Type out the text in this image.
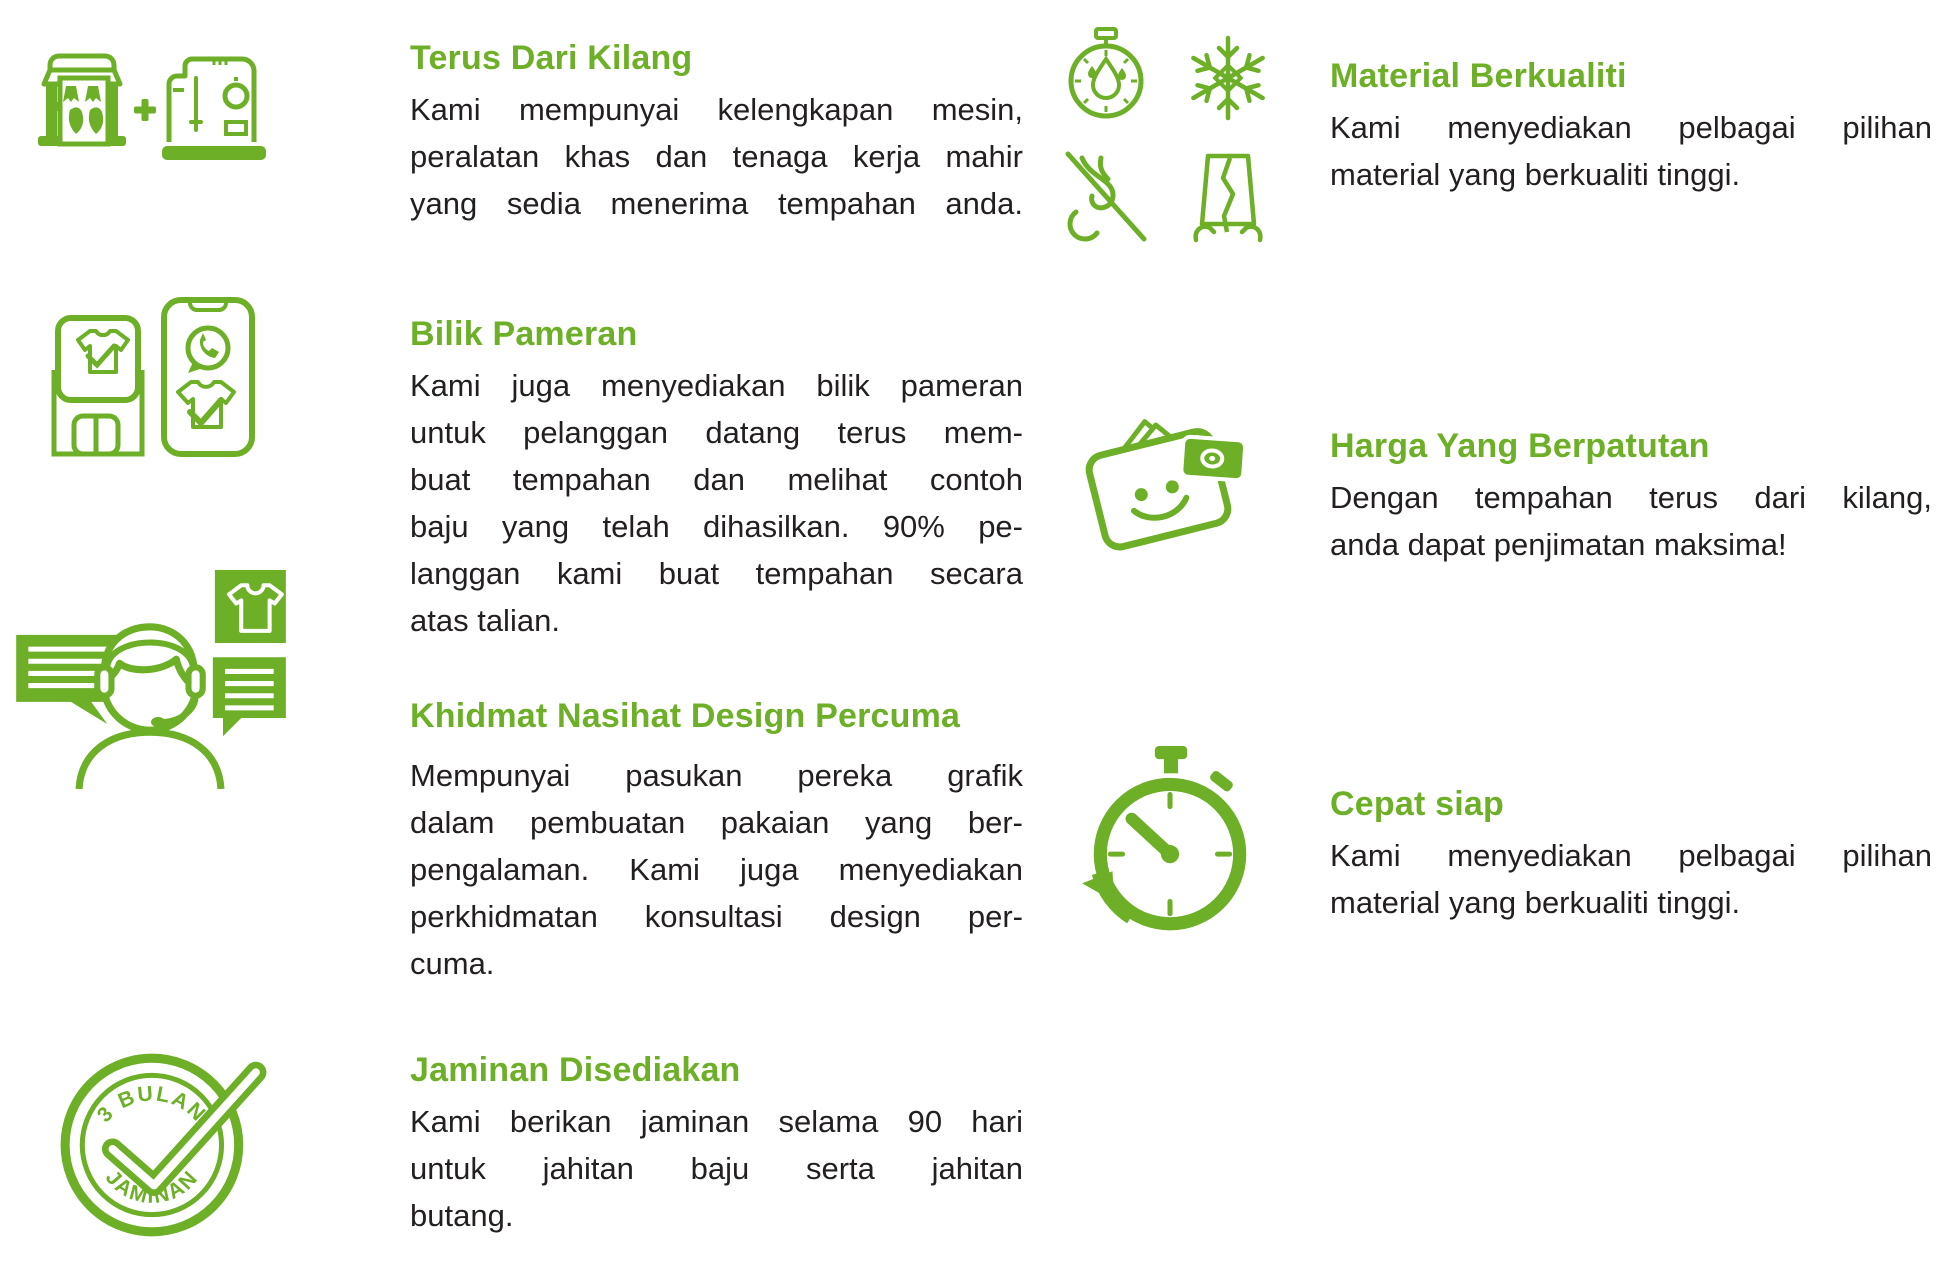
3 BULAN
JAMINAN
Terus Dari Kilang
Kami mempunyai kelengkapan mesin,
peralatan khas dan tenaga kerja mahir
yang sedia menerima tempahan anda.
Bilik Pameran
Kami juga menyediakan bilik pameran
untuk pelanggan datang terus mem-
buat tempahan dan melihat contoh
baju yang telah dihasilkan. 90% pe-
langgan kami buat tempahan secara
atas talian.
Khidmat Nasihat Design Percuma
Mempunyai pasukan pereka grafik
dalam pembuatan pakaian yang ber-
pengalaman. Kami juga menyediakan
perkhidmatan konsultasi design per-
cuma.
Jaminan Disediakan
Kami berikan jaminan selama 90 hari
untuk jahitan baju serta jahitan
butang.
Material Berkualiti
Kami menyediakan pelbagai pilihan
material yang berkualiti tinggi.
Harga Yang Berpatutan
Dengan tempahan terus dari kilang,
anda dapat penjimatan maksima!
Cepat siap
Kami menyediakan pelbagai pilihan
material yang berkualiti tinggi.
